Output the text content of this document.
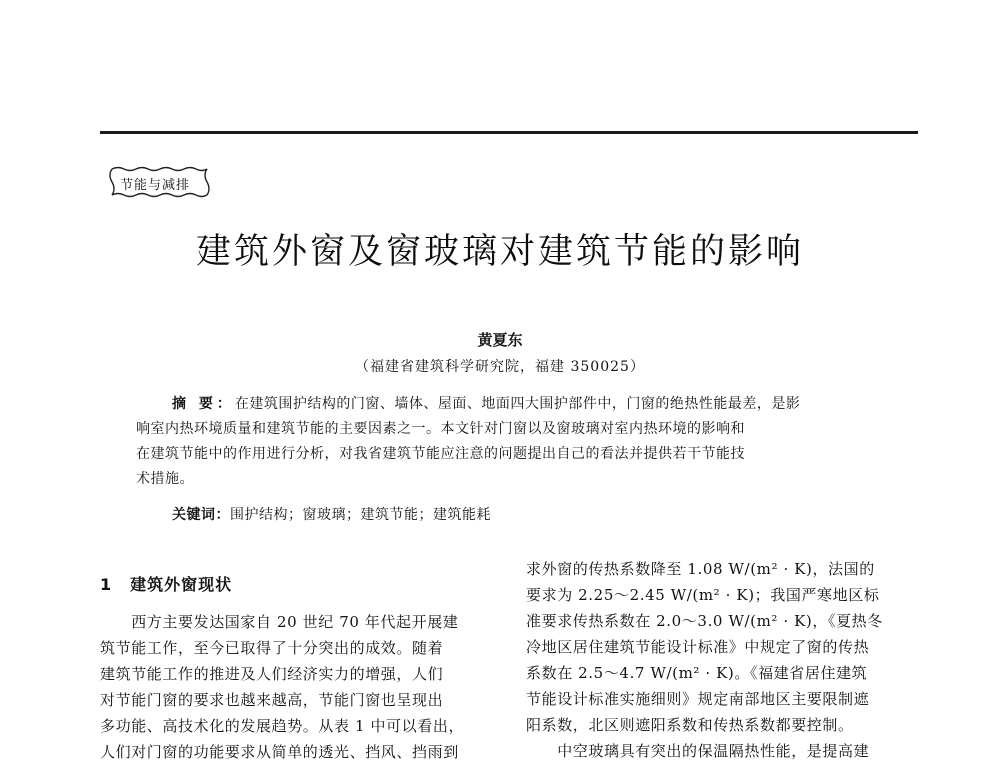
节能与减排
建筑外窗及窗玻璃对建筑节能的影响
黄夏东
（福建省建筑科学研究院，福建 350025）
摘 要：在建筑围护结构的门窗、墙体、屋面、地面四大围护部件中，门窗的绝热性能最差，是影
响室内热环境质量和建筑节能的主要因素之一。本文针对门窗以及窗玻璃对室内热环境的影响和
在建筑节能中的作用进行分析，对我省建筑节能应注意的问题提出自己的看法并提供若干节能技
术措施。
关键词：围护结构；窗玻璃；建筑节能；建筑能耗
1 建筑外窗现状
　　西方主要发达国家自 20 世纪 70 年代起开展建
筑节能工作，至今已取得了十分突出的成效。随着
建筑节能工作的推进及人们经济实力的增强，人们
对节能门窗的要求也越来越高，节能门窗也呈现出
多功能、高技术化的发展趋势。从表 1 中可以看出，
人们对门窗的功能要求从简单的透光、挡风、挡雨到
求外窗的传热系数降至 1.08 W/(m² · K)，法国的
要求为 2.25～2.45 W/(m² · K)；我国严寒地区标
准要求传热系数在 2.0～3.0 W/(m² · K)，《夏热冬
冷地区居住建筑节能设计标准》中规定了窗的传热
系数在 2.5～4.7 W/(m² · K)。《福建省居住建筑
节能设计标准实施细则》规定南部地区主要限制遮
阳系数，北区则遮阳系数和传热系数都要控制。
　　中空玻璃具有突出的保温隔热性能，是提高建
